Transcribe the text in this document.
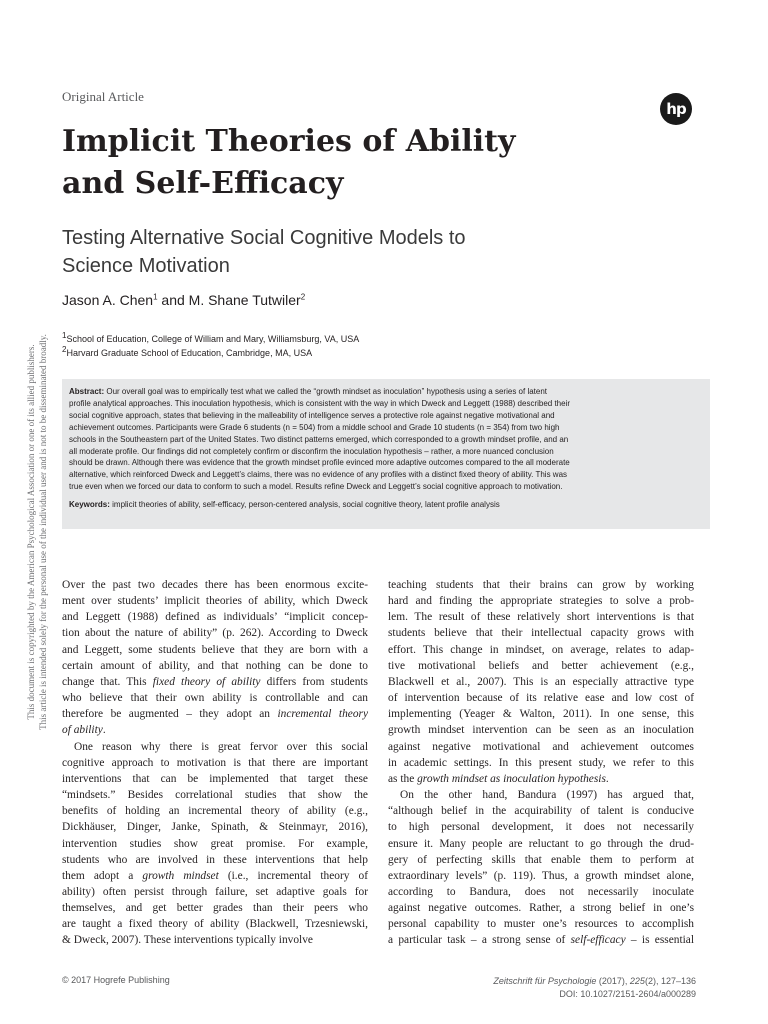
This document is copyrighted by the American Psychological Association or one of its allied publishers. This article is intended solely for the personal use of the individual user and is not to be disseminated broadly.
Original Article
hp
Implicit Theories of Ability
and Self-Efficacy
Testing Alternative Social Cognitive Models to
Science Motivation
Jason A. Chen$^1$ and M. Shane Tutwiler$^2$
$^1$School of Education, College of William and Mary, Williamsburg, VA, USA
$^2$Harvard Graduate School of Education, Cambridge, MA, USA
Abstract: Our overall goal was to empirically test what we called the “growth mindset as inoculation” hypothesis using a series of latent
profile analytical approaches. This inoculation hypothesis, which is consistent with the way in which Dweck and Leggett (1988) described their
social cognitive approach, states that believing in the malleability of intelligence serves a protective role against negative motivational and
achievement outcomes. Participants were Grade 6 students (n = 504) from a middle school and Grade 10 students (n = 354) from two high
schools in the Southeastern part of the United States. Two distinct patterns emerged, which corresponded to a growth mindset profile, and an
all moderate profile. Our findings did not completely confirm or disconfirm the inoculation hypothesis – rather, a more nuanced conclusion
should be drawn. Although there was evidence that the growth mindset profile evinced more adaptive outcomes compared to the all moderate
alternative, which reinforced Dweck and Leggett’s claims, there was no evidence of any profiles with a distinct fixed theory of ability. This was
true even when we forced our data to conform to such a model. Results refine Dweck and Leggett’s social cognitive approach to motivation.
Keywords: implicit theories of ability, self-efficacy, person-centered analysis, social cognitive theory, latent profile analysis
Over the past two decades there has been enormous excite-
ment over students’ implicit theories of ability, which Dweck
and Leggett (1988) defined as individuals’ “implicit concep-
tion about the nature of ability” (p. 262). According to Dweck
and Leggett, some students believe that they are born with a
certain amount of ability, and that nothing can be done to
change that. This fixed theory of ability differs from students
who believe that their own ability is controllable and can
therefore be augmented – they adopt an incremental theory
of ability.
One reason why there is great fervor over this social
cognitive approach to motivation is that there are important
interventions that can be implemented that target these
“mindsets.” Besides correlational studies that show the
benefits of holding an incremental theory of ability (e.g.,
Dickhäuser, Dinger, Janke, Spinath, & Steinmayr, 2016),
intervention studies show great promise. For example,
students who are involved in these interventions that help
them adopt a growth mindset (i.e., incremental theory of
ability) often persist through failure, set adaptive goals for
themselves, and get better grades than their peers who
are taught a fixed theory of ability (Blackwell, Trzesniewski,
& Dweck, 2007). These interventions typically involve
teaching students that their brains can grow by working
hard and finding the appropriate strategies to solve a prob-
lem. The result of these relatively short interventions is that
students believe that their intellectual capacity grows with
effort. This change in mindset, on average, relates to adap-
tive motivational beliefs and better achievement (e.g.,
Blackwell et al., 2007). This is an especially attractive type
of intervention because of its relative ease and low cost of
implementing (Yeager & Walton, 2011). In one sense, this
growth mindset intervention can be seen as an inoculation
against negative motivational and achievement outcomes
in academic settings. In this present study, we refer to this
as the growth mindset as inoculation hypothesis.
On the other hand, Bandura (1997) has argued that,
“although belief in the acquirability of talent is conducive
to high personal development, it does not necessarily
ensure it. Many people are reluctant to go through the drud-
gery of perfecting skills that enable them to perform at
extraordinary levels” (p. 119). Thus, a growth mindset alone,
according to Bandura, does not necessarily inoculate
against negative outcomes. Rather, a strong belief in one’s
personal capability to muster one’s resources to accomplish
a particular task – a strong sense of self-efficacy – is essential
© 2017 Hogrefe Publishing	Zeitschrift für Psychologie (2017), 225(2), 127–136
DOI: 10.1027/2151-2604/a000289
